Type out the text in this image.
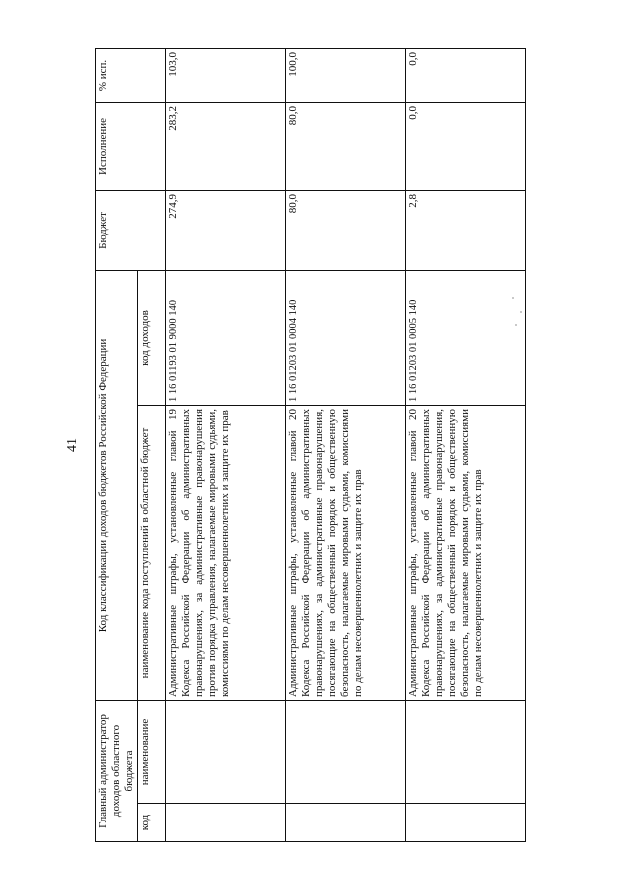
41
Главный администратор доходов областного бюджета		Код классификации доходов бюджетов Российской Федерации		Бюджет	Исполнение	% исп.
код	наименование	наименование кода поступлений в областной бюджет	код доходов			
		Административные штрафы, установленные главой 19 Кодекса Российской Федерации об административных правонарушениях, за административные правонарушения против порядка управления, налагаемые мировыми судьями, комиссиями по делам несовершеннолетних и защите их прав	1 16 01193 01 9000 140	274,9	283,2	103,0
		Административные штрафы, установленные главой 20 Кодекса Российской Федерации об административных правонарушениях, за административные правонарушения, посягающие на общественный порядок и общественную безопасность, налагаемые мировыми судьями, комиссиями по делам несовершеннолетних и защите их прав	1 16 01203 01 0004 140	80,0	80,0	100,0
		Административные штрафы, установленные главой 20 Кодекса Российской Федерации об административных правонарушениях, за административные правонарушения, посягающие на общественный порядок и общественную безопасность, налагаемые мировыми судьями, комиссиями по делам несовершеннолетних и защите их прав	1 16 01203 01 0005 140	2,8	0,0	0,0
